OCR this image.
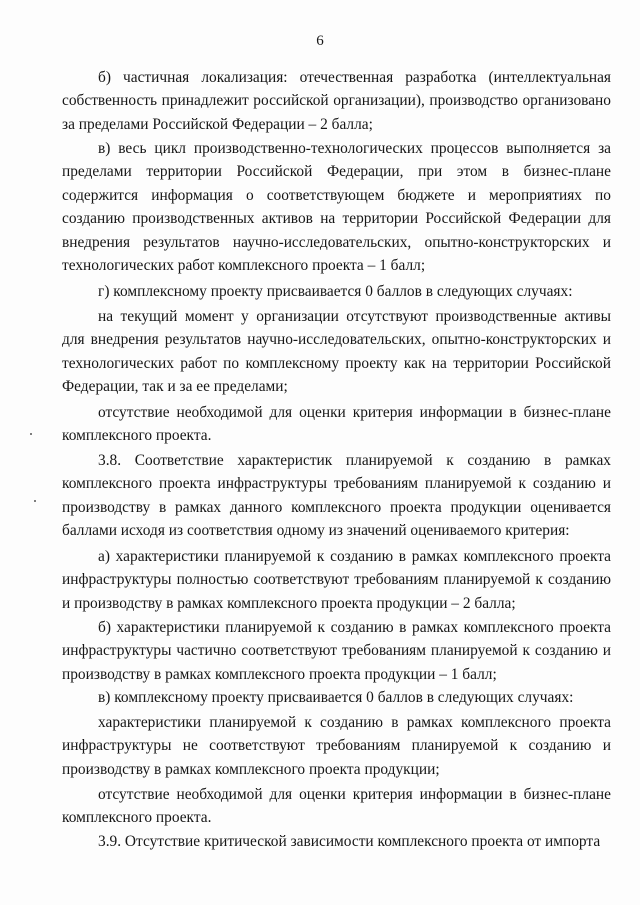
6

б) частичная локализация: отечественная разработка (интеллектуальная собственность принадлежит российской организации), производство организовано за пределами Российской Федерации – 2 балла;

в) весь цикл производственно-технологических процессов выполняется за пределами территории Российской Федерации, при этом в бизнес-плане содержится информация о соответствующем бюджете и мероприятиях по созданию производственных активов на территории Российской Федерации для внедрения результатов научно-исследовательских, опытно-конструкторских и технологических работ комплексного проекта – 1 балл;

г) комплексному проекту присваивается 0 баллов в следующих случаях:

на текущий момент у организации отсутствуют производственные активы для внедрения результатов научно-исследовательских, опытно-конструкторских и технологических работ по комплексному проекту как на территории Российской Федерации, так и за ее пределами;

отсутствие необходимой для оценки критерия информации в бизнес-плане комплексного проекта.

3.8. Соответствие характеристик планируемой к созданию в рамках комплексного проекта инфраструктуры требованиям планируемой к созданию и производству в рамках данного комплексного проекта продукции оценивается баллами исходя из соответствия одному из значений оцениваемого критерия:

а) характеристики планируемой к созданию в рамках комплексного проекта инфраструктуры полностью соответствуют требованиям планируемой к созданию и производству в рамках комплексного проекта продукции – 2 балла;

б) характеристики планируемой к созданию в рамках комплексного проекта инфраструктуры частично соответствуют требованиям планируемой к созданию и производству в рамках комплексного проекта продукции – 1 балл;

в) комплексному проекту присваивается 0 баллов в следующих случаях:

характеристики планируемой к созданию в рамках комплексного проекта инфраструктуры не соответствуют требованиям планируемой к созданию и производству в рамках комплексного проекта продукции;

отсутствие необходимой для оценки критерия информации в бизнес-плане комплексного проекта.

3.9. Отсутствие критической зависимости комплексного проекта от импорта
